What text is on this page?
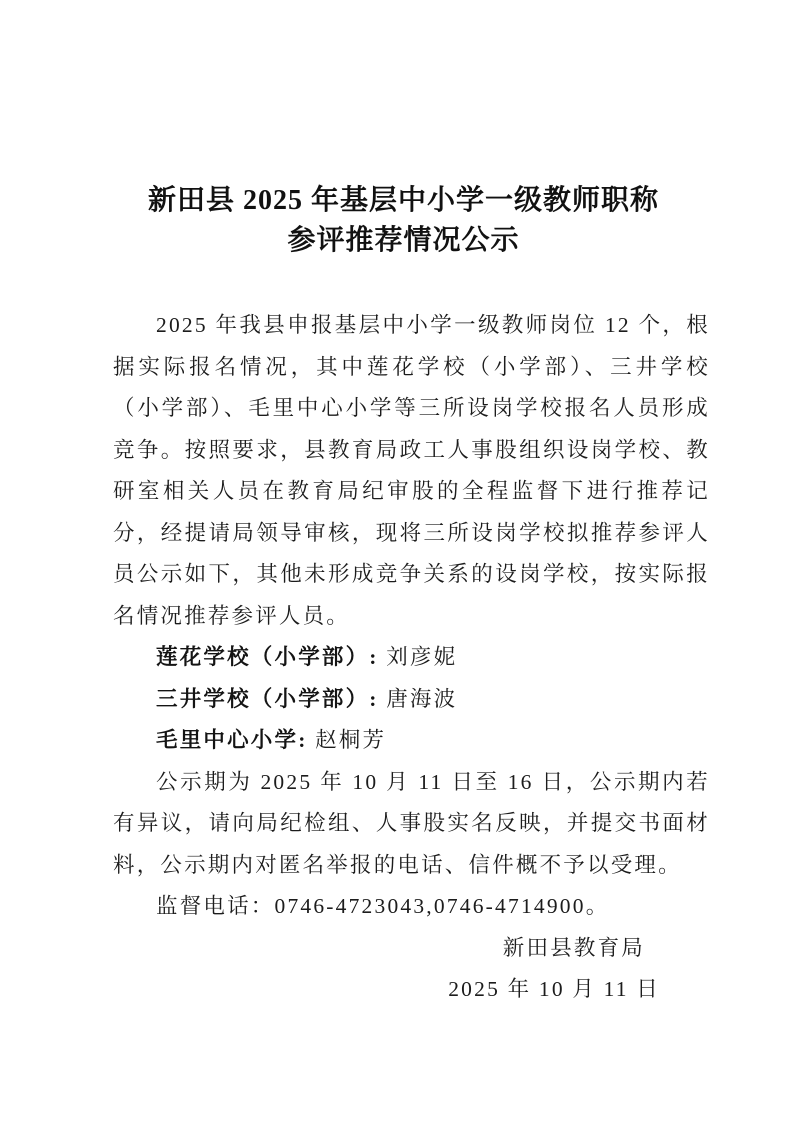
新田县 2025 年基层中小学一级教师职称
参评推荐情况公示

2025 年我县申报基层中小学一级教师岗位 12 个，根据实际报名情况，其中莲花学校（小学部）、三井学校（小学部）、毛里中心小学等三所设岗学校报名人员形成竞争。按照要求，县教育局政工人事股组织设岗学校、教研室相关人员在教育局纪审股的全程监督下进行推荐记分，经提请局领导审核，现将三所设岗学校拟推荐参评人员公示如下，其他未形成竞争关系的设岗学校，按实际报名情况推荐参评人员。

莲花学校（小学部）: 刘彦妮

三井学校（小学部）: 唐海波

毛里中心小学: 赵桐芳

公示期为 2025 年 10 月 11 日至 16 日，公示期内若有异议，请向局纪检组、人事股实名反映，并提交书面材料，公示期内对匿名举报的电话、信件概不予以受理。

监督电话：0746-4723043,0746-4714900。

新田县教育局

2025 年 10 月 11 日
